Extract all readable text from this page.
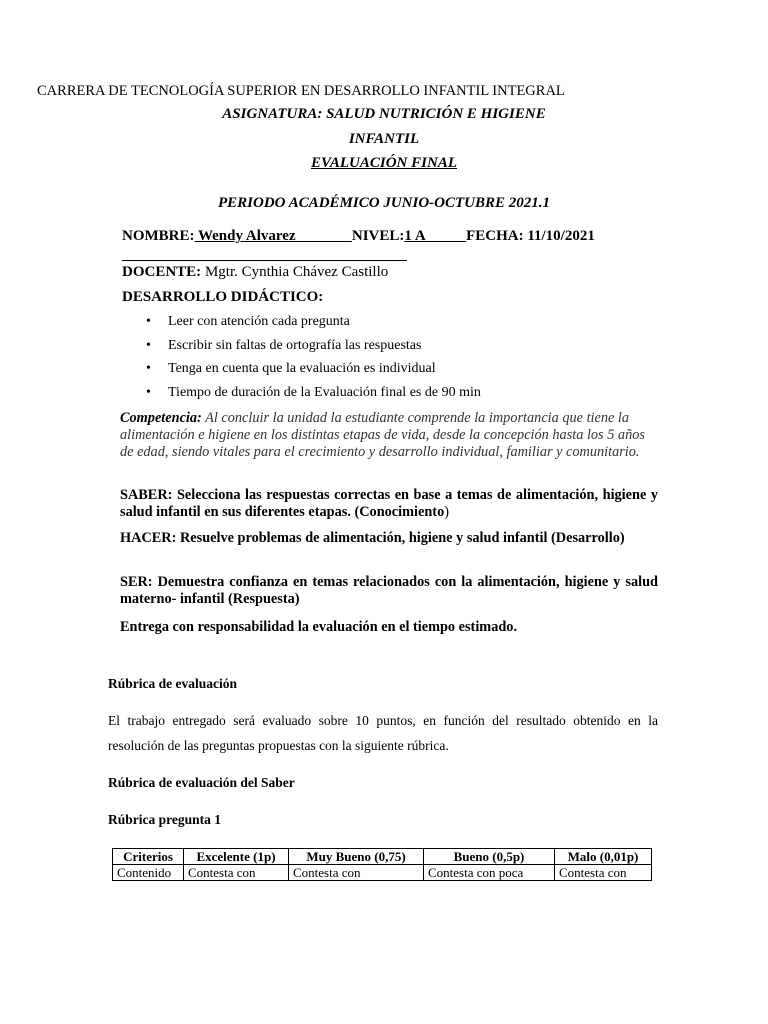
CARRERA DE TECNOLOGÍA SUPERIOR EN DESARROLLO INFANTIL INTEGRAL
ASIGNATURA: SALUD NUTRICIÓN E HIGIENE
INFANTIL
EVALUACIÓN FINAL
PERIODO ACADÉMICO JUNIO-OCTUBRE 2021.1
NOMBRE: Wendy Alvarez               NIVEL:1 A           FECHA: 11/10/2021
DOCENTE: Mgtr. Cynthia Chávez Castillo
DESARROLLO DIDÁCTICO:
• Leer con atención cada pregunta
• Escribir sin faltas de ortografía las respuestas
• Tenga en cuenta que la evaluación es individual
• Tiempo de duración de la Evaluación final es de 90 min
Competencia: Al concluir la unidad la estudiante comprende la importancia que tiene la alimentación e higiene en los distintas etapas de vida, desde la concepción hasta los 5 años de edad, siendo vitales para el crecimiento y desarrollo individual, familiar y comunitario.
SABER: Selecciona las respuestas correctas en base a temas de alimentación, higiene y salud infantil en sus diferentes etapas. (Conocimiento)
HACER: Resuelve problemas de alimentación, higiene y salud infantil (Desarrollo)
SER: Demuestra confianza en temas relacionados con la alimentación, higiene y salud materno- infantil (Respuesta)
Entrega con responsabilidad la evaluación en el tiempo estimado.
Rúbrica de evaluación
El trabajo entregado será evaluado sobre 10 puntos, en función del resultado obtenido en la resolución de las preguntas propuestas con la siguiente rúbrica.
Rúbrica de evaluación del Saber
Rúbrica pregunta 1
Criterios	Excelente (1p)	Muy Bueno (0,75)	Bueno (0,5p)	Malo (0,01p)
Contenido	Contesta con	Contesta con	Contesta con poca	Contesta con
